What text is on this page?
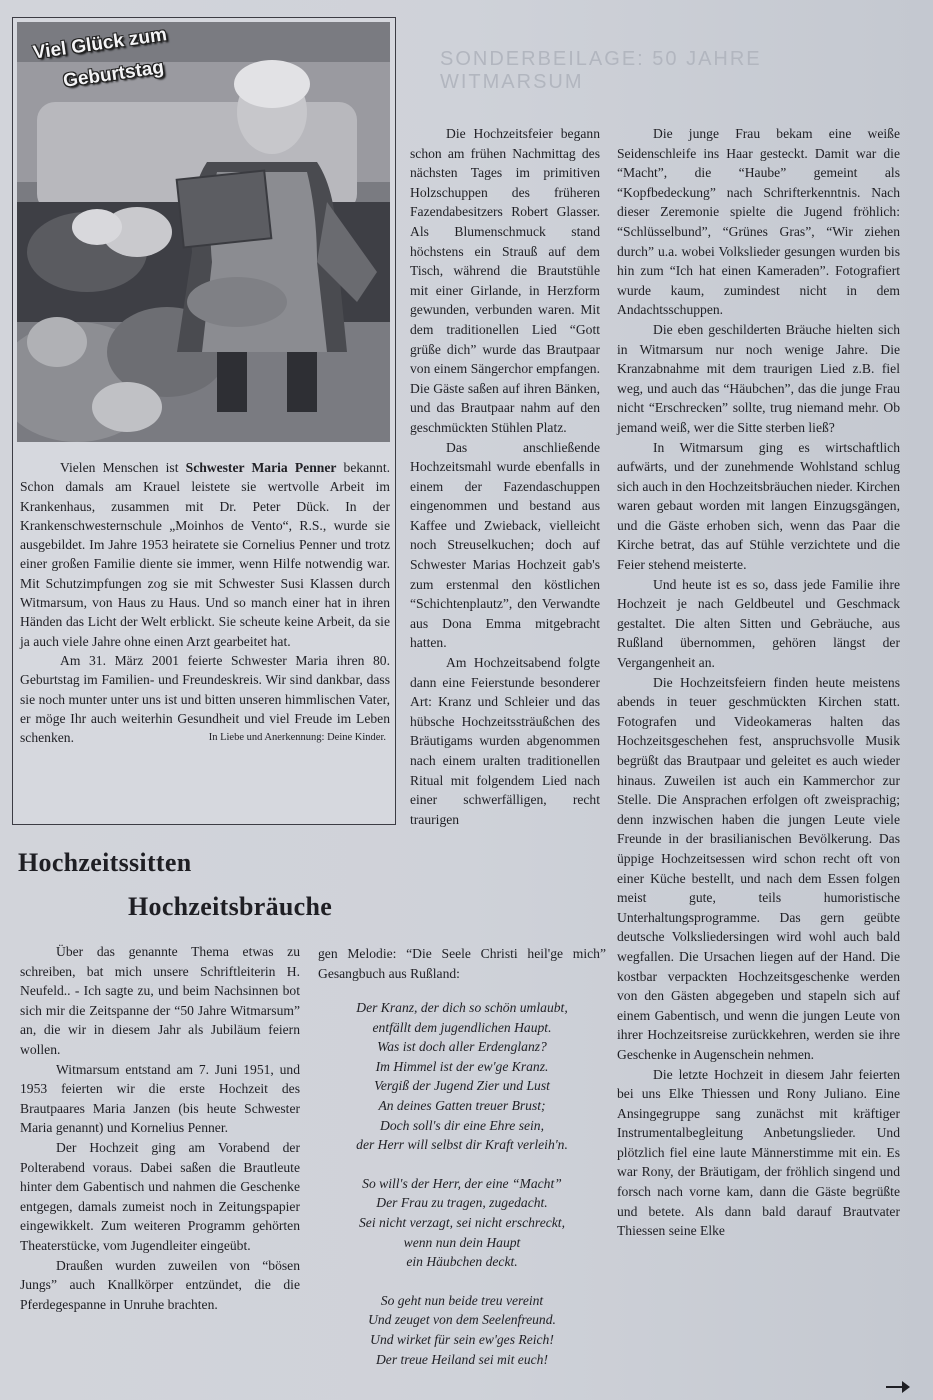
SONDERBEILAGE: 50 JAHRE WITMARSUM
Viel Glück zum
Geburtstag

Vielen Menschen ist Schwester Maria Penner bekannt. Schon damals am Krauel leistete sie wertvolle Arbeit im Krankenhaus, zusammen mit Dr. Peter Dück. In der Krankenschwesternschule „Moinhos de Vento“, R.S., wurde sie ausgebildet. Im Jahre 1953 heiratete sie Cornelius Penner und trotz einer großen Familie diente sie immer, wenn Hilfe notwendig war. Mit Schutzimpfungen zog sie mit Schwester Susi Klassen durch Witmarsum, von Haus zu Haus. Und so manch einer hat in ihren Händen das Licht der Welt erblickt. Sie scheute keine Arbeit, da sie ja auch viele Jahre ohne einen Arzt gearbeitet hat.

Am 31. März 2001 feierte Schwester Maria ihren 80. Geburtstag im Familien- und Freundeskreis. Wir sind dankbar, dass sie noch munter unter uns ist und bitten unseren himmlischen Vater, er möge Ihr auch weiterhin Gesundheit und viel Freude im Leben schenken.	In Liebe und Anerkennung: Deine Kinder.
Hochzeitssitten
Hochzeitsbräuche

Über das genannte Thema etwas zu schreiben, bat mich unsere Schriftleiterin H. Neufeld.. - Ich sagte zu, und beim Nachsinnen bot sich mir die Zeitspanne der “50 Jahre Witmarsum” an, die wir in diesem Jahr als Jubiläum feiern wollen.

Witmarsum entstand am 7. Juni 1951, und 1953 feierten wir die erste Hochzeit des Brautpaares Maria Janzen (bis heute Schwester Maria genannt) und Kornelius Penner.

Der Hochzeit ging am Vorabend der Polterabend voraus. Dabei saßen die Brautleute hinter dem Gabentisch und nahmen die Geschenke entgegen, damals zumeist noch in Zeitungspapier eingewikkelt. Zum weiteren Programm gehörten Theaterstücke, vom Jugendleiter eingeübt.

Draußen wurden zuweilen von “bösen Jungs” auch Knallkörper entzündet, die die Pferdegespanne in Unruhe brachten.

Die Hochzeitsfeier begann schon am frühen Nachmittag des nächsten Tages im primitiven Holzschuppen des früheren Fazendabesitzers Robert Glasser. Als Blumenschmuck stand höchstens ein Strauß auf dem Tisch, während die Brautstühle mit einer Girlande, in Herzform gewunden, verbunden waren. Mit dem traditionellen Lied “Gott grüße dich” wurde das Brautpaar von einem Sängerchor empfangen. Die Gäste saßen auf ihren Bänken, und das Brautpaar nahm auf den geschmückten Stühlen Platz.

Das anschließende Hochzeitsmahl wurde ebenfalls in einem der Fazendaschuppen eingenommen und bestand aus Kaffee und Zwieback, vielleicht noch Streuselkuchen; doch auf Schwester Marias Hochzeit gab's zum erstenmal den köstlichen “Schichtenplautz”, den Verwandte aus Dona Emma mitgebracht hatten.

Am Hochzeitsabend folgte dann eine Feierstunde besonderer Art: Kranz und Schleier und das hübsche Hochzeitssträußchen des Bräutigams wurden abgenommen nach einem uralten traditionellen Ritual mit folgendem Lied nach einer schwerfälligen, recht traurigen

gen Melodie: “Die Seele Christi heil'ge mich” Gesangbuch aus Rußland:
Der Kranz, der dich so schön umlaubt,
entfällt dem jugendlichen Haupt.
Was ist doch aller Erdenglanz?
Im Himmel ist der ew'ge Kranz.
Vergiß der Jugend Zier und Lust
An deines Gatten treuer Brust;
Doch soll's dir eine Ehre sein,
der Herr will selbst dir Kraft verleih'n.
So will's der Herr, der eine “Macht”
Der Frau zu tragen, zugedacht.
Sei nicht verzagt, sei nicht erschreckt,
wenn nun dein Haupt
ein Häubchen deckt.
So geht nun beide treu vereint
Und zeuget von dem Seelenfreund.
Und wirket für sein ew'ges Reich!
Der treue Heiland sei mit euch!

Die junge Frau bekam eine weiße Seidenschleife ins Haar gesteckt. Damit war die “Macht”, die “Haube” gemeint als “Kopfbedeckung” nach Schrifterkenntnis. Nach dieser Zeremonie spielte die Jugend fröhlich: “Schlüsselbund”, “Grünes Gras”, “Wir ziehen durch” u.a. wobei Volkslieder gesungen wurden bis hin zum “Ich hat einen Kameraden”. Fotografiert wurde kaum, zumindest nicht in dem Andachtsschuppen.

Die eben geschilderten Bräuche hielten sich in Witmarsum nur noch wenige Jahre. Die Kranzabnahme mit dem traurigen Lied z.B. fiel weg, und auch das “Häubchen”, das die junge Frau nicht “Erschrecken” sollte, trug niemand mehr. Ob jemand weiß, wer die Sitte sterben ließ?

In Witmarsum ging es wirtschaftlich aufwärts, und der zunehmende Wohlstand schlug sich auch in den Hochzeitsbräuchen nieder. Kirchen waren gebaut worden mit langen Einzugsgängen, und die Gäste erhoben sich, wenn das Paar die Kirche betrat, das auf Stühle verzichtete und die Feier stehend meisterte.

Und heute ist es so, dass jede Familie ihre Hochzeit je nach Geldbeutel und Geschmack gestaltet. Die alten Sitten und Gebräuche, aus Rußland übernommen, gehören längst der Vergangenheit an.

Die Hochzeitsfeiern finden heute meistens abends in teuer geschmückten Kirchen statt. Fotografen und Videokameras halten das Hochzeitsgeschehen fest, anspruchsvolle Musik begrüßt das Brautpaar und geleitet es auch wieder hinaus. Zuweilen ist auch ein Kammerchor zur Stelle. Die Ansprachen erfolgen oft zweisprachig; denn inzwischen haben die jungen Leute viele Freunde in der brasilianischen Bevölkerung. Das üppige Hochzeitsessen wird schon recht oft von einer Küche bestellt, und nach dem Essen folgen meist gute, teils humoristische Unterhaltungsprogramme. Das gern geübte deutsche Volksliedersingen wird wohl auch bald wegfallen. Die Ursachen liegen auf der Hand. Die kostbar verpackten Hochzeitsgeschenke werden von den Gästen abgegeben und stapeln sich auf einem Gabentisch, und wenn die jungen Leute von ihrer Hochzeitsreise zurückkehren, werden sie ihre Geschenke in Augenschein nehmen.

Die letzte Hochzeit in diesem Jahr feierten bei uns Elke Thiessen und Rony Juliano. Eine Ansingegruppe sang zunächst mit kräftiger Instrumentalbegleitung Anbetungslieder. Und plötzlich fiel eine laute Männerstimme mit ein. Es war Rony, der Bräutigam, der fröhlich singend und forsch nach vorne kam, dann die Gäste begrüßte und betete. Als dann bald darauf Brautvater Thiessen seine Elke
